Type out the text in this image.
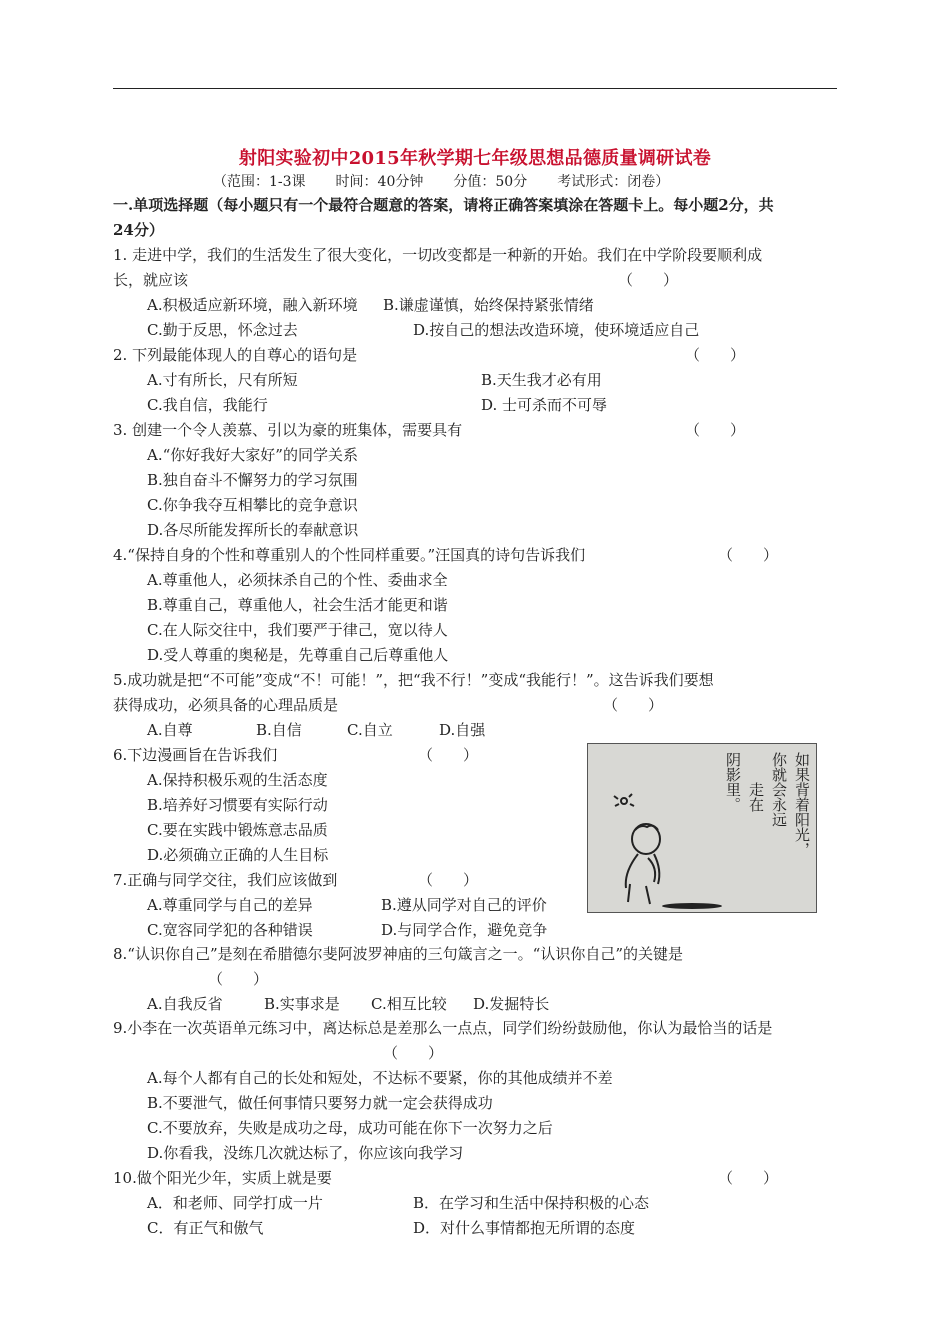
射阳实验初中2015年秋学期七年级思想品德质量调研试卷
（范围：1-3课 时间：40分钟 分值：50分 考试形式：闭卷）
一.单项选择题（每小题只有一个最符合题意的答案，请将正确答案填涂在答题卡上。每小题2分，共
24分）
1. 走进中学，我们的生活发生了很大变化，一切改变都是一种新的开始。我们在中学阶段要顺利成
长，就应该	（　　）
A.积极适应新环境，融入新环境 B.谦虚谨慎，始终保持紧张情绪
C.勤于反思，怀念过去	D.按自己的想法改造环境，使环境适应自己
2. 下列最能体现人的自尊心的语句是	（　　）
A.寸有所长，尺有所短	B.天生我才必有用
C.我自信，我能行	D. 士可杀而不可辱
3. 创建一个令人羡慕、引以为豪的班集体，需要具有	（　　）
A.“你好我好大家好”的同学关系
B.独自奋斗不懈努力的学习氛围
C.你争我夺互相攀比的竞争意识
D.各尽所能发挥所长的奉献意识
4.“保持自身的个性和尊重别人的个性同样重要。”汪国真的诗句告诉我们	（　　）
A.尊重他人，必须抹杀自己的个性、委曲求全
B.尊重自己，尊重他人，社会生活才能更和谐
C.在人际交往中，我们要严于律己，宽以待人
D.受人尊重的奥秘是，先尊重自己后尊重他人
5.成功就是把“不可能”变成“不！可能！”，把“我不行！”变成“我能行！”。这告诉我们要想
获得成功，必须具备的心理品质是	（　　）
A.自尊	B.自信	C.自立	D.自强
6.下边漫画旨在告诉我们	（　　）
A.保持积极乐观的生活态度
B.培养好习惯要有实际行动
C.要在实践中锻炼意志品质
D.必须确立正确的人生目标	如果背着阳光，
你就会永远
走在
阴影里。
7.正确与同学交往，我们应该做到	（　　）
A.尊重同学与自己的差异	B.遵从同学对自己的评价
C.宽容同学犯的各种错误	D.与同学合作，避免竞争
8.“认识你自己”是刻在希腊德尔斐阿波罗神庙的三句箴言之一。“认识你自己”的关键是
（　　）
A.自我反省	B.实事求是 C.相互比较 D.发掘特长
9.小李在一次英语单元练习中，离达标总是差那么一点点，同学们纷纷鼓励他，你认为最恰当的话是
（　　）
A.每个人都有自己的长处和短处，不达标不要紧，你的其他成绩并不差
B.不要泄气，做任何事情只要努力就一定会获得成功
C.不要放弃，失败是成功之母，成功可能在你下一次努力之后
D.你看我，没练几次就达标了，你应该向我学习
10.做个阳光少年，实质上就是要	（　　）
A．和老师、同学打成一片	B．在学习和生活中保持积极的心态
C．有正气和傲气	D．对什么事情都抱无所谓的态度
